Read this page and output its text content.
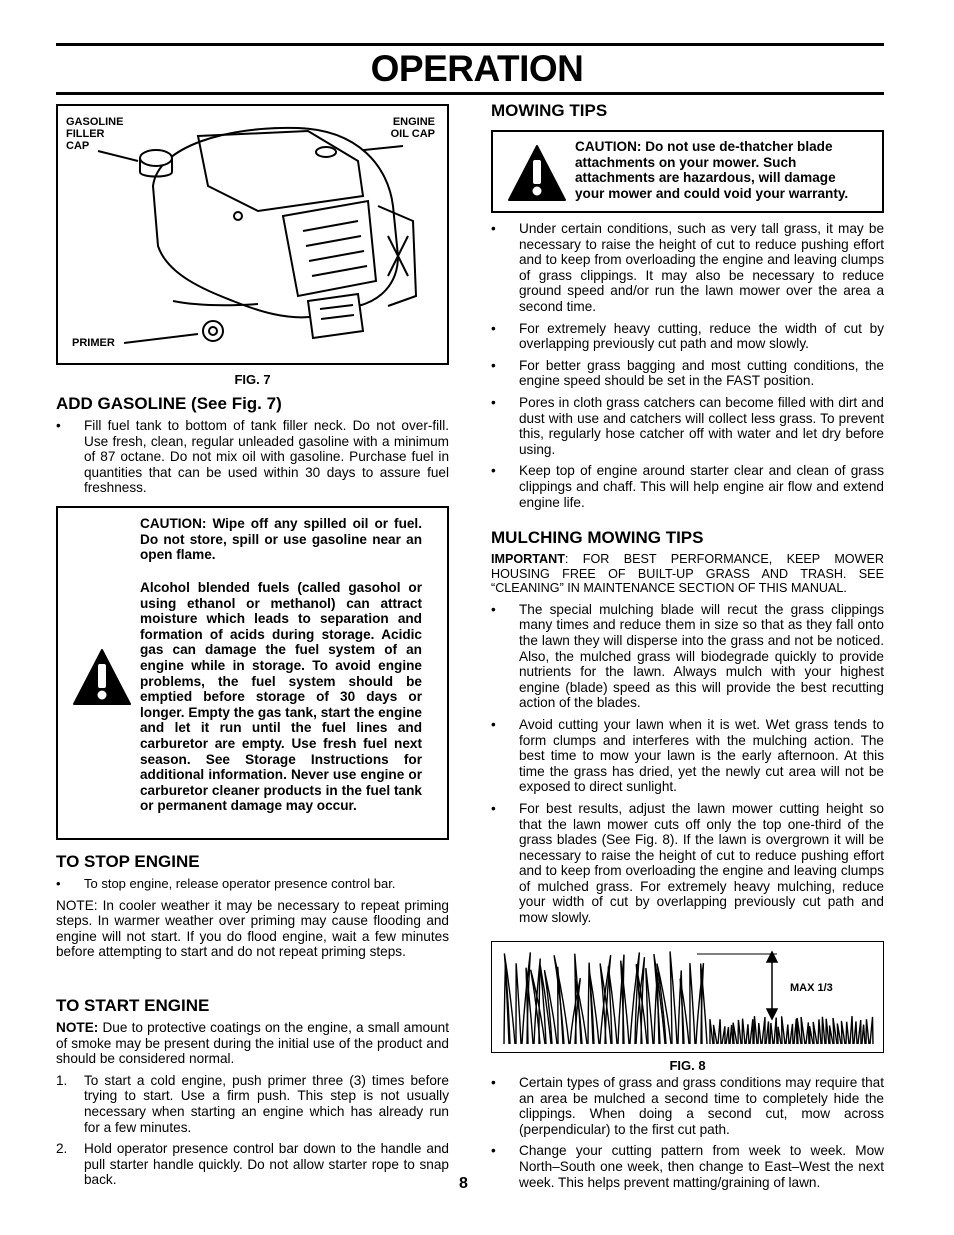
OPERATION
GASOLINE
FILLER
CAP
ENGINE
OIL CAP
PRIMER
FIG. 7
ADD GASOLINE (See Fig. 7)
• Fill fuel tank to bottom of tank filler neck. Do not over-fill. Use fresh, clean, regular unleaded gasoline with a minimum of 87 octane. Do not mix oil with gasoline. Purchase fuel in quantities that can be used within 30 days to assure fuel freshness.
CAUTION: Wipe off any spilled oil or fuel. Do not store, spill or use gasoline near an open flame.
Alcohol blended fuels (called gasohol or using ethanol or methanol) can attract moisture which leads to separation and formation of acids during storage. Acidic gas can damage the fuel system of an engine while in storage. To avoid engine problems, the fuel system should be emptied before storage of 30 days or longer. Empty the gas tank, start the engine and let it run until the fuel lines and carburetor are empty. Use fresh fuel next season. See Storage Instructions for additional information. Never use engine or carburetor cleaner products in the fuel tank or permanent damage may occur.
TO STOP ENGINE
• To stop engine, release operator presence control bar.

NOTE: In cooler weather it may be necessary to repeat priming steps. In warmer weather over priming may cause flooding and engine will not start. If you do flood engine, wait a few minutes before attempting to start and do not repeat priming steps.

TO START ENGINE

NOTE: Due to protective coatings on the engine, a small amount of smoke may be present during the initial use of the product and should be considered normal.

1. To start a cold engine, push primer three (3) times before trying to start. Use a firm push. This step is not usually necessary when starting an engine which has already run for a few minutes.
2. Hold operator presence control bar down to the handle and pull starter handle quickly. Do not allow starter rope to snap back.	8
MOWING TIPS
CAUTION: Do not use de-thatcher blade attachments on your mower. Such attachments are hazardous, will damage your mower and could void your warranty.
• Under certain conditions, such as very tall grass, it may be necessary to raise the height of cut to reduce pushing effort and to keep from overloading the engine and leaving clumps of grass clippings. It may also be necessary to reduce ground speed and/or run the lawn mower over the area a second time.
• For extremely heavy cutting, reduce the width of cut by overlapping previously cut path and mow slowly.
• For better grass bagging and most cutting conditions, the engine speed should be set in the FAST position.
• Pores in cloth grass catchers can become filled with dirt and dust with use and catchers will collect less grass. To prevent this, regularly hose catcher off with water and let dry before using.
• Keep top of engine around starter clear and clean of grass clippings and chaff. This will help engine air flow and extend engine life.
MULCHING MOWING TIPS

IMPORTANT: FOR BEST PERFORMANCE, KEEP MOWER HOUSING FREE OF BUILT-UP GRASS AND TRASH. SEE “CLEANING” IN MAINTENANCE SECTION OF THIS MANUAL.

• The special mulching blade will recut the grass clippings many times and reduce them in size so that as they fall onto the lawn they will disperse into the grass and not be noticed. Also, the mulched grass will biodegrade quickly to provide nutrients for the lawn. Always mulch with your highest engine (blade) speed as this will provide the best recutting action of the blades.
• Avoid cutting your lawn when it is wet. Wet grass tends to form clumps and interferes with the mulching action. The best time to mow your lawn is the early afternoon. At this time the grass has dried, yet the newly cut area will not be exposed to direct sunlight.
• For best results, adjust the lawn mower cutting height so that the lawn mower cuts off only the top one-third of the grass blades (See Fig. 8). If the lawn is overgrown it will be necessary to raise the height of cut to reduce pushing effort and to keep from overloading the engine and leaving clumps of mulched grass. For extremely heavy mulching, reduce your width of cut by overlapping previously cut path and mow slowly.
MAX 1/3
FIG. 8
• Certain types of grass and grass conditions may require that an area be mulched a second time to completely hide the clippings. When doing a second cut, mow across (perpendicular) to the first cut path.
• Change your cutting pattern from week to week. Mow North–South one week, then change to East–West the next week. This helps prevent matting/graining of lawn.
